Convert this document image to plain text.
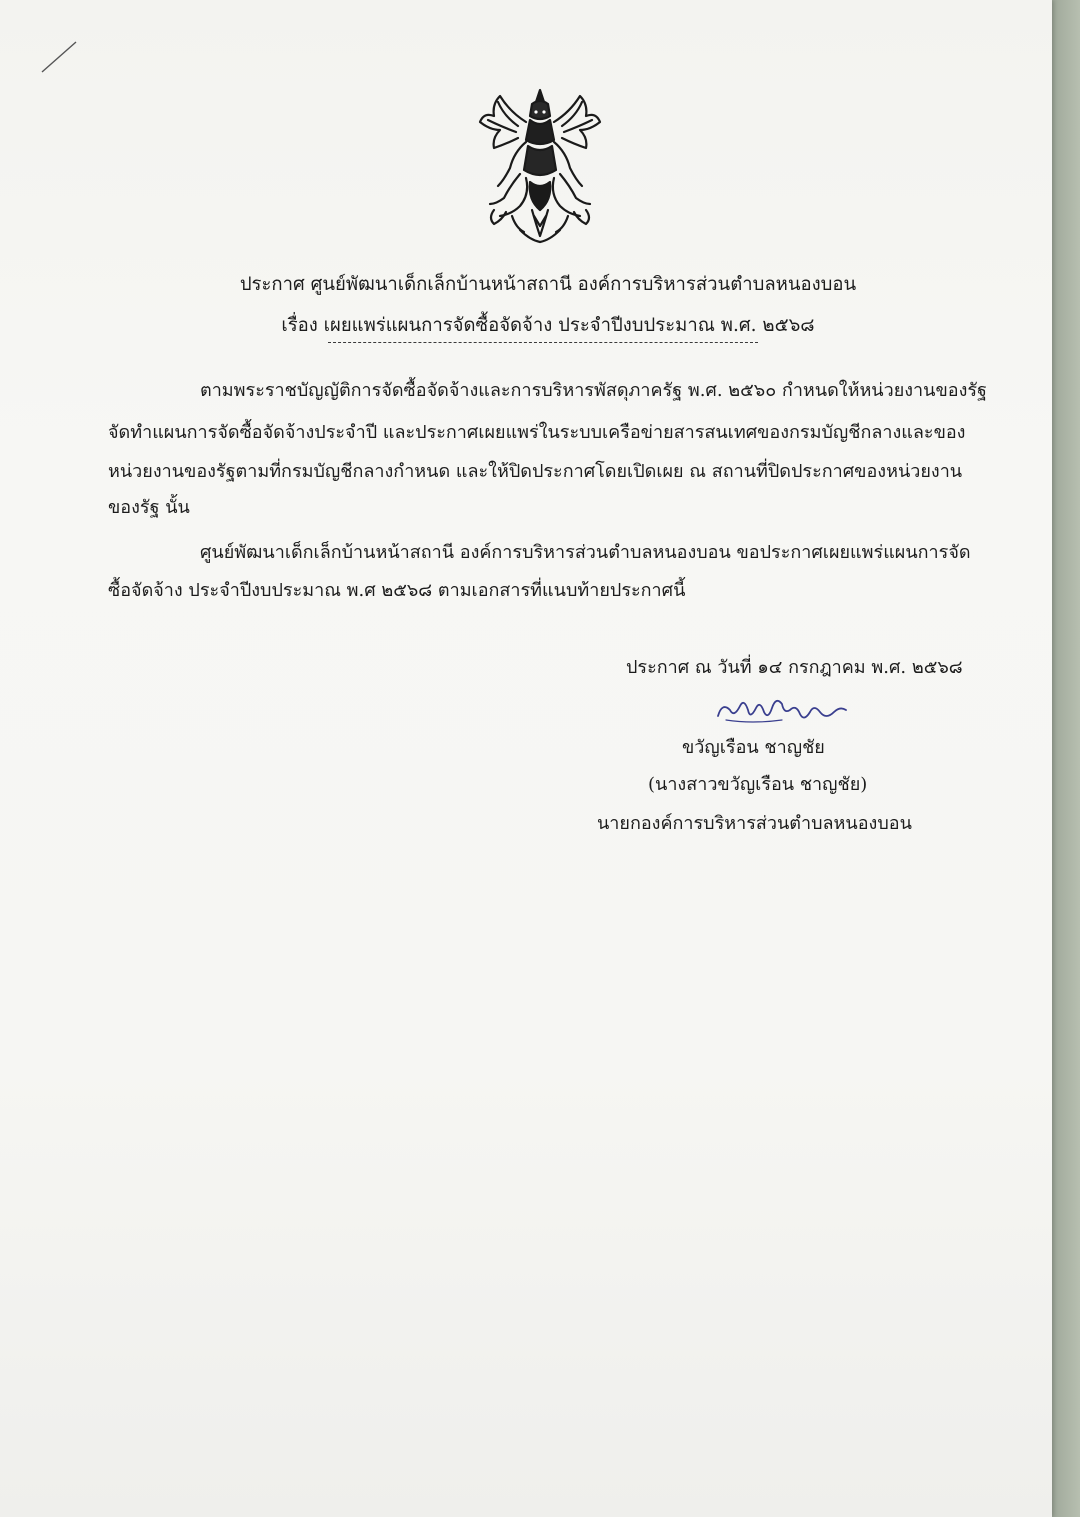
ประกาศ ศูนย์พัฒนาเด็กเล็กบ้านหน้าสถานี องค์การบริหารส่วนตำบลหนองบอน
เรื่อง เผยแพร่แผนการจัดซื้อจัดจ้าง ประจำปีงบประมาณ พ.ศ. ๒๕๖๘
ตามพระราชบัญญัติการจัดซื้อจัดจ้างและการบริหารพัสดุภาครัฐ พ.ศ. ๒๕๖๐ กำหนดให้หน่วยงานของรัฐ
จัดทำแผนการจัดซื้อจัดจ้างประจำปี และประกาศเผยแพร่ในระบบเครือข่ายสารสนเทศของกรมบัญชีกลางและของ
หน่วยงานของรัฐตามที่กรมบัญชีกลางกำหนด และให้ปิดประกาศโดยเปิดเผย ณ สถานที่ปิดประกาศของหน่วยงาน
ของรัฐ นั้น
ศูนย์พัฒนาเด็กเล็กบ้านหน้าสถานี องค์การบริหารส่วนตำบลหนองบอน ขอประกาศเผยแพร่แผนการจัด
ซื้อจัดจ้าง ประจำปีงบประมาณ พ.ศ ๒๕๖๘ ตามเอกสารที่แนบท้ายประกาศนี้
ประกาศ ณ วันที่ ๑๔ กรกฎาคม พ.ศ. ๒๕๖๘
ขวัญเรือน ชาญชัย
(นางสาวขวัญเรือน ชาญชัย)
นายกองค์การบริหารส่วนตำบลหนองบอน
